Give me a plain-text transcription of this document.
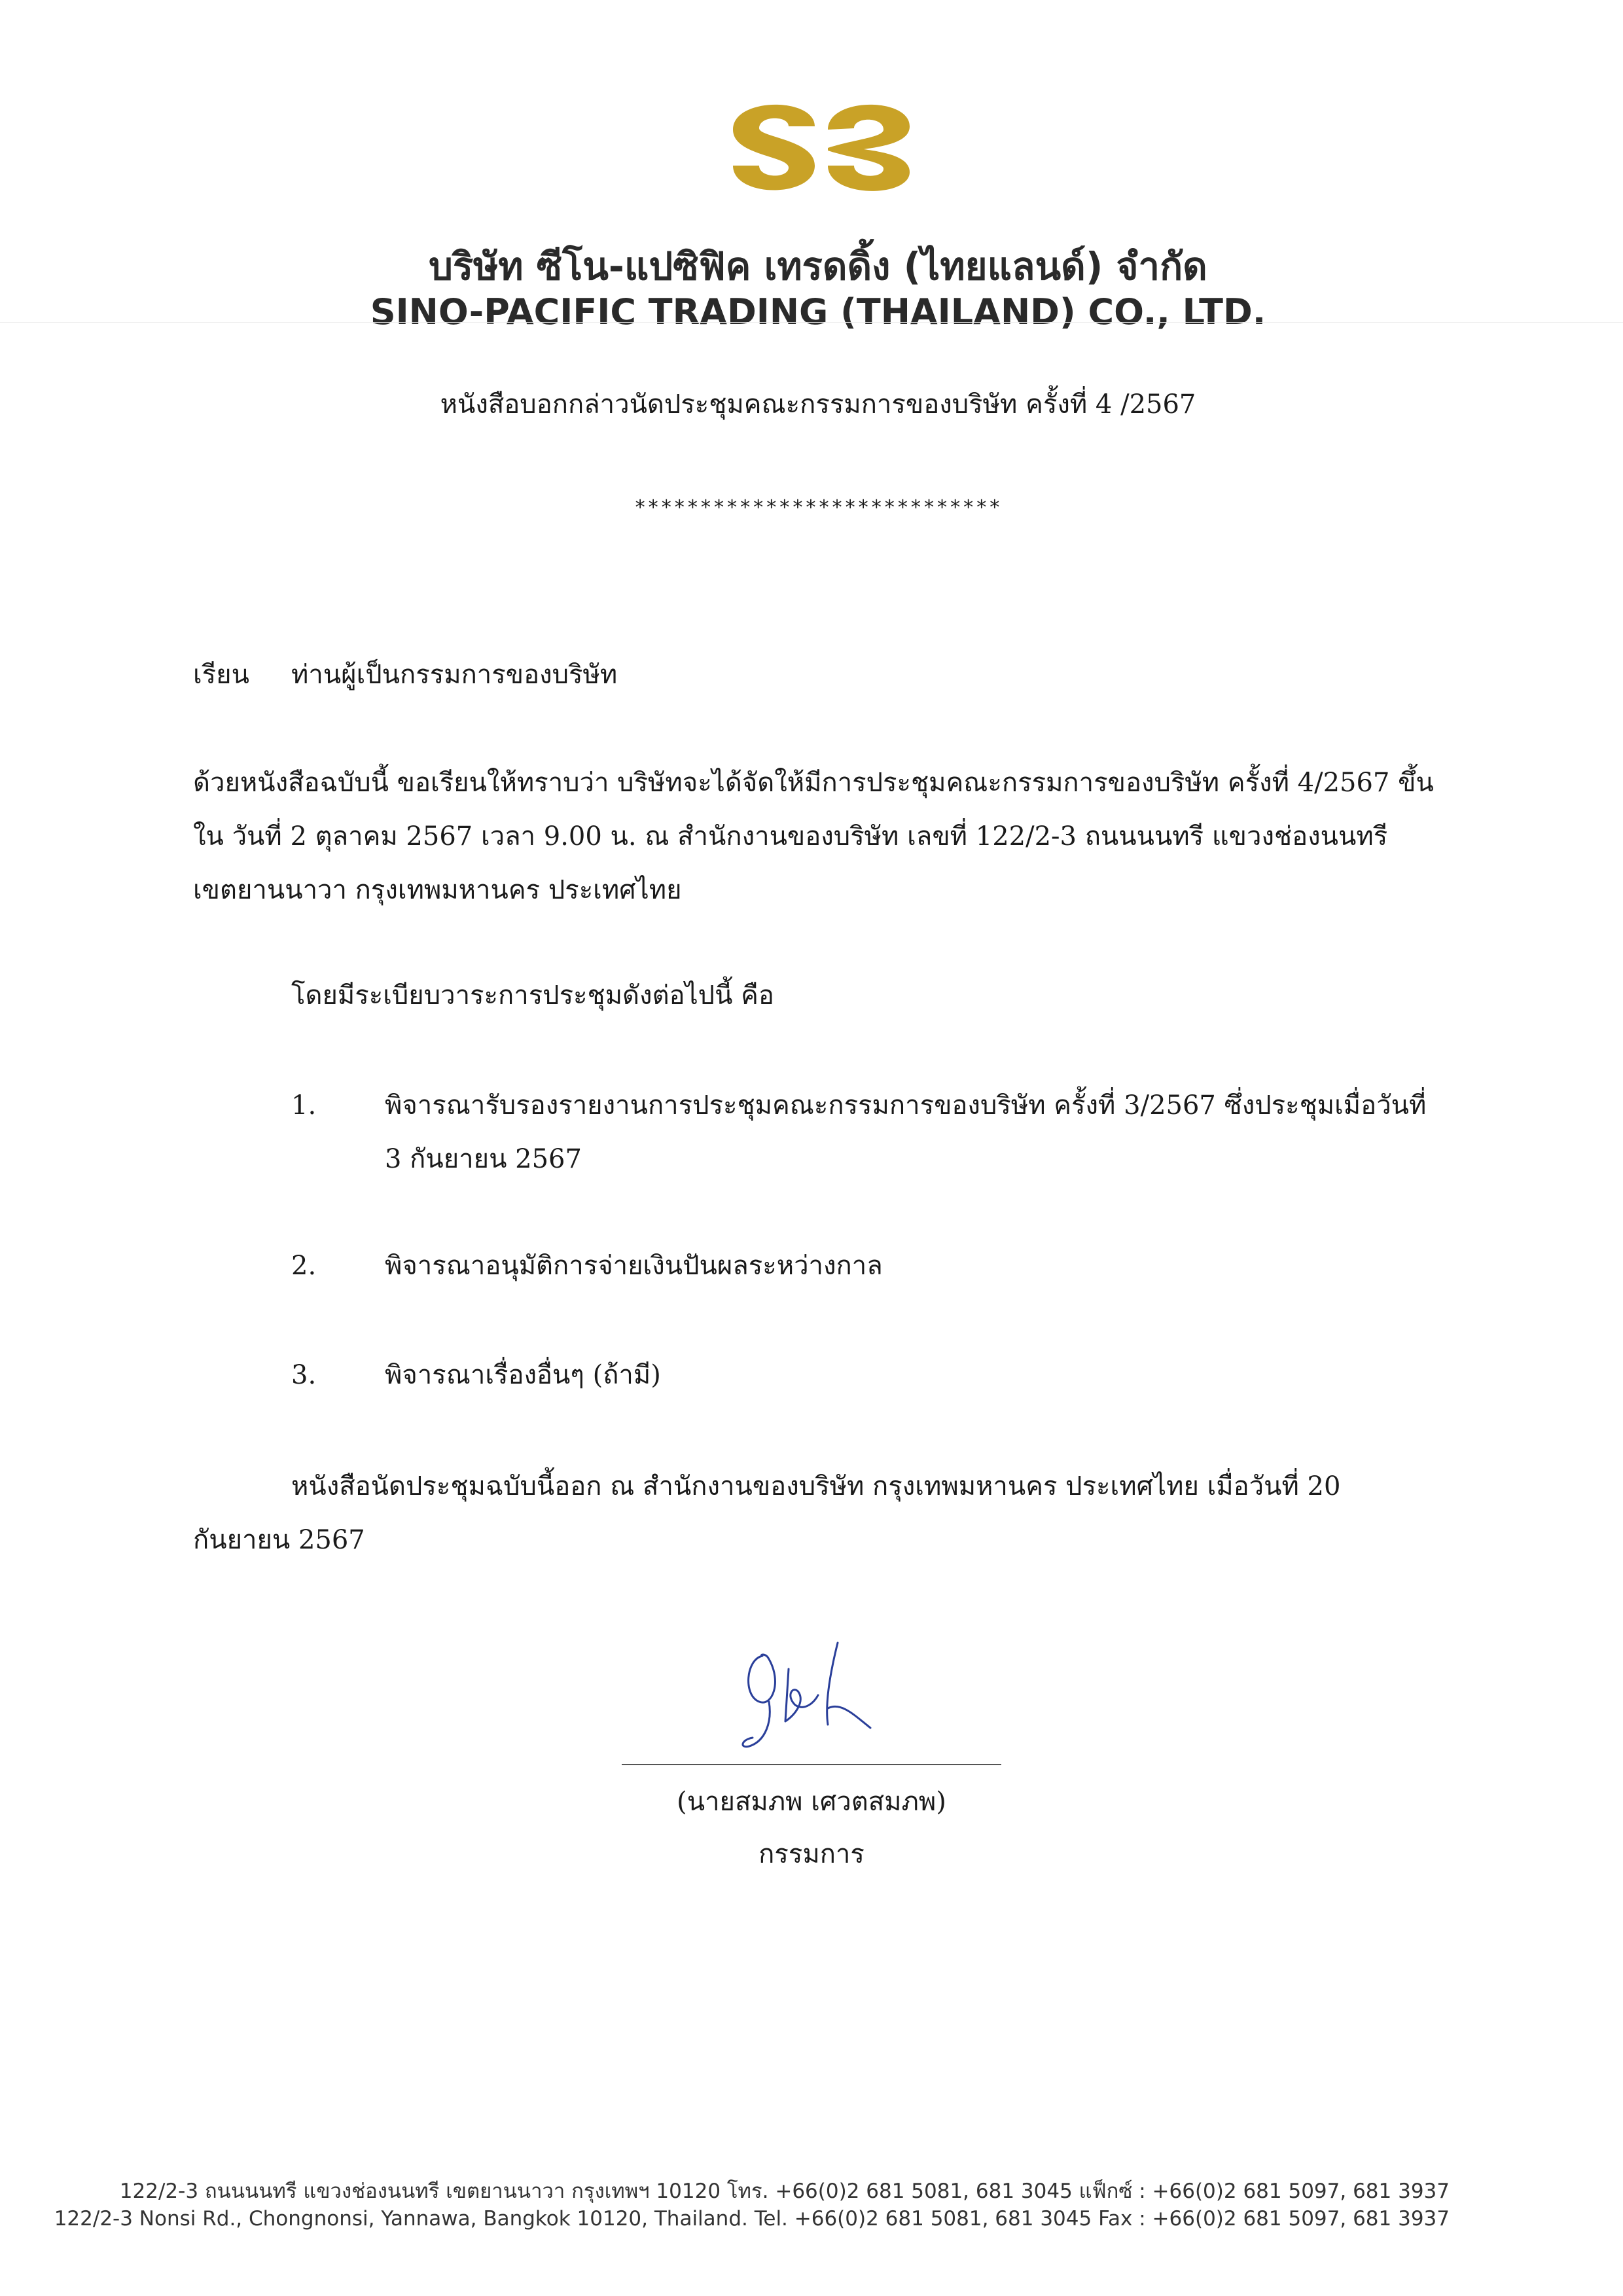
บริษัท ซีโน-แปซิฟิค เทรดดิ้ง (ไทยแลนด์) จำกัด
SINO-PACIFIC TRADING (THAILAND) CO., LTD.
หนังสือบอกกล่าวนัดประชุมคณะกรรมการของบริษัท ครั้งที่ 4 /2567
****************************
เรียน ท่านผู้เป็นกรรมการของบริษัท
ด้วยหนังสือฉบับนี้ ขอเรียนให้ทราบว่า บริษัทจะได้จัดให้มีการประชุมคณะกรรมการของบริษัท ครั้งที่ 4/2567 ขึ้นใน วันที่ 2 ตุลาคม 2567 เวลา 9.00 น. ณ สำนักงานของบริษัท เลขที่ 122/2-3 ถนนนนทรี แขวงช่องนนทรี เขตยานนาวา กรุงเทพมหานคร ประเทศไทย
โดยมีระเบียบวาระการประชุมดังต่อไปนี้ คือ
1.	พิจารณารับรองรายงานการประชุมคณะกรรมการของบริษัท ครั้งที่ 3/2567 ซึ่งประชุมเมื่อวันที่ 3 กันยายน 2567
2.	พิจารณาอนุมัติการจ่ายเงินปันผลระหว่างกาล
3.	พิจารณาเรื่องอื่นๆ (ถ้ามี)
หนังสือนัดประชุมฉบับนี้ออก ณ สำนักงานของบริษัท กรุงเทพมหานคร ประเทศไทย เมื่อวันที่ 20 กันยายน 2567
(นายสมภพ เศวตสมภพ)
กรรมการ
122/2-3 ถนนนนทรี แขวงช่องนนทรี เขตยานนาวา กรุงเทพฯ 10120 โทร. +66(0)2 681 5081, 681 3045 แฟ็กซ์ : +66(0)2 681 5097, 681 3937
122/2-3 Nonsi Rd., Chongnonsi, Yannawa, Bangkok 10120, Thailand. Tel. +66(0)2 681 5081, 681 3045 Fax : +66(0)2 681 5097, 681 3937
